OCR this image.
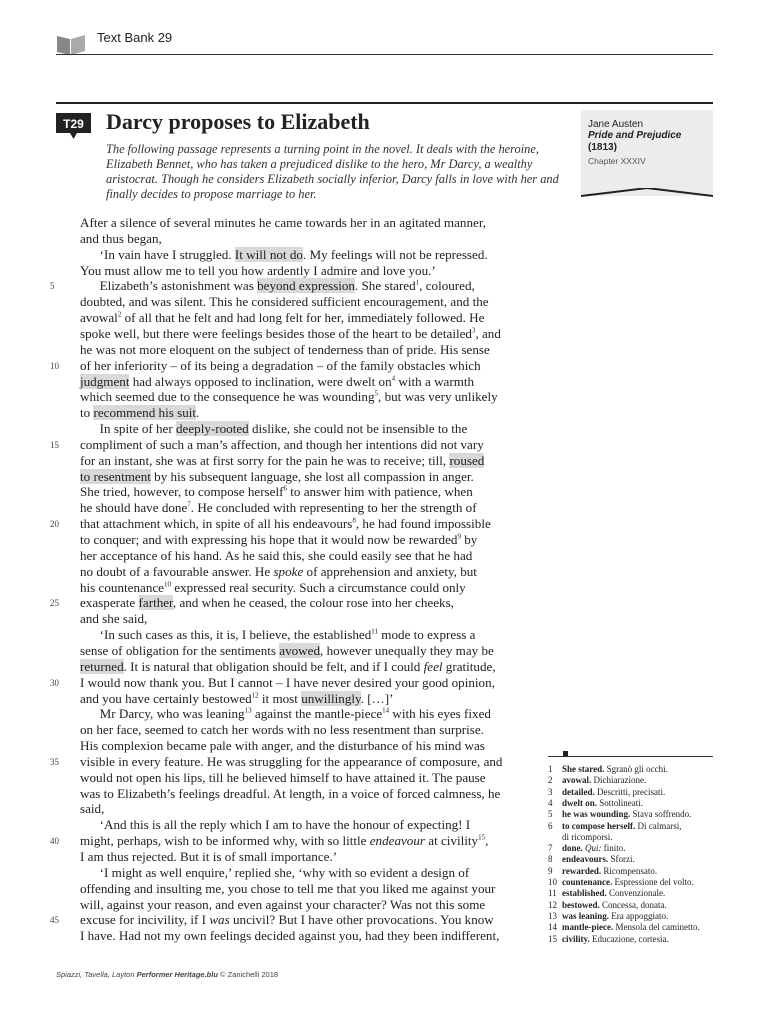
Text Bank 29
T29	Darcy proposes to Elizabeth
The following passage represents a turning point in the novel. It deals with the heroine, Elizabeth Bennet, who has taken a prejudiced dislike to the hero, Mr Darcy, a wealthy aristocrat. Though he considers Elizabeth socially inferior, Darcy falls in love with her and finally decides to propose marriage to her.
Jane Austen
Pride and Prejudice
(1813)
Chapter XXXIV
After a silence of several minutes he came towards her in an agitated manner,
and thus began,
  ‘In vain have I struggled. It will not do. My feelings will not be repressed.
You must allow me to tell you how ardently I admire and love you.’
  Elizabeth’s astonishment was beyond expression. She stared$^1$, coloured,
doubted, and was silent. This he considered sufficient encouragement, and the
avowal$^2$ of all that he felt and had long felt for her, immediately followed. He
spoke well, but there were feelings besides those of the heart to be detailed$^3$, and
he was not more eloquent on the subject of tenderness than of pride. His sense
of her inferiority – of its being a degradation – of the family obstacles which
judgment had always opposed to inclination, were dwelt $on^4$ with a warmth
which seemed due to the consequence he was wounding$^5$, but was very unlikely
to recommend his suit.
  In spite of her deeply-rooted dislike, she could not be insensible to the
compliment of such a man’s affection, and though her intentions did not vary
for an instant, she was at first sorry for the pain he was to receive; till, roused
to resentment by his subsequent language, she lost all compassion in anger.
She tried, however, to compose herself$^6$ to answer him with patience, when
he should have done$^7$. He concluded with representing to her the strength of
that attachment which, in spite of all his endeavours$^8$, he had found impossible
to conquer; and with expressing his hope that it would now be rewarded$^9$ by
her acceptance of his hand. As he said this, she could easily see that he had
no doubt of a favourable answer. He spoke of apprehension and anxiety, but
his countenance$^{10}$ expressed real security. Such a circumstance could only
exasperate farther, and when he ceased, the colour rose into her cheeks,
and she said,
  ‘In such cases as this, it is, I believe, the established$^{11}$ mode to express a
sense of obligation for the sentiments avowed, however unequally they may be
returned. It is natural that obligation should be felt, and if I could feel gratitude,
I would now thank you. But I cannot – I have never desired your good opinion,
and you have certainly bestowed$^{12}$ it most unwillingly. […]’
  Mr Darcy, who was leaning$^{13}$ against the mantle-piece$^{14}$ with his eyes fixed
on her face, seemed to catch her words with no less resentment than surprise.
His complexion became pale with anger, and the disturbance of his mind was
visible in every feature. He was struggling for the appearance of composure, and
would not open his lips, till he believed himself to have attained it. The pause
was to Elizabeth’s feelings dreadful. At length, in a voice of forced calmness, he
said,
  ‘And this is all the reply which I am to have the honour of expecting! I
might, perhaps, wish to be informed why, with so little endeavour at civility$^{15}$,
I am thus rejected. But it is of small importance.’
  ‘I might as well enquire,’ replied she, ‘why with so evident a design of
offending and insulting me, you chose to tell me that you liked me against your
will, against your reason, and even against your character? Was not this some
excuse for incivility, if I was uncivil? But I have other provocations. You know
I have. Had not my own feelings decided against you, had they been indifferent,
5
10
15
20
25
30
35
40
45
1 She stared. Sgranò gli occhi.
2 avowal. Dichiarazione.
3 detailed. Descritti, precisati.
4 dwelt on. Sottolineati.
5 he was wounding. Stava soffrendo.
6 to compose herself. Di calmarsi,
di ricomporsi.
7 done. Qui: finito.
8 endeavours. Sforzi.
9 rewarded. Ricompensato.
10 countenance. Espressione del volto.
11 established. Convenzionale.
12 bestowed. Concessa, donata.
13 was leaning. Era appoggiato.
14 mantle-piece. Mensola del caminetto.
15 civility. Educazione, cortesia.
Spiazzi, Tavella, Layton Performer Heritage.blu © Zanichelli 2018
